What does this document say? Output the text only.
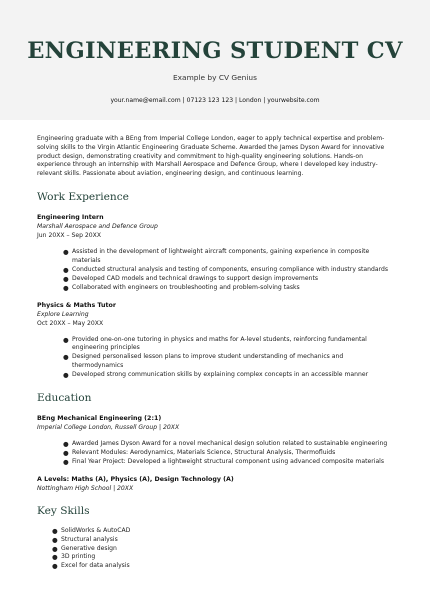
ENGINEERING STUDENT CV
Example by CV Genius
your.name@email.com | 07123 123 123 | London | yourwebsite.com

Engineering graduate with a BEng from Imperial College London, eager to apply technical expertise and problem-solving skills to the Virgin Atlantic Engineering Graduate Scheme. Awarded the James Dyson Award for innovative product design, demonstrating creativity and commitment to high-quality engineering solutions. Hands-on experience through an internship with Marshall Aerospace and Defence Group, where I developed key industry-relevant skills. Passionate about aviation, engineering design, and continuous learning.

Work Experience
Engineering Intern
Marshall Aerospace and Defence Group
Jun 20XX – Sep 20XX
● Assisted in the development of lightweight aircraft components, gaining experience in composite materials
● Conducted structural analysis and testing of components, ensuring compliance with industry standards
● Developed CAD models and technical drawings to support design improvements
● Collaborated with engineers on troubleshooting and problem-solving tasks
Physics & Maths Tutor
Explore Learning
Oct 20XX – May 20XX
● Provided one-on-one tutoring in physics and maths for A-level students, reinforcing fundamental engineering principles
● Designed personalised lesson plans to improve student understanding of mechanics and thermodynamics
● Developed strong communication skills by explaining complex concepts in an accessible manner
Education
BEng Mechanical Engineering (2:1)
Imperial College London, Russell Group | 20XX
● Awarded James Dyson Award for a novel mechanical design solution related to sustainable engineering
● Relevant Modules: Aerodynamics, Materials Science, Structural Analysis, Thermofluids
● Final Year Project: Developed a lightweight structural component using advanced composite materials
A Levels: Maths (A), Physics (A), Design Technology (A)
Nottingham High School | 20XX
Key Skills
● SolidWorks & AutoCAD
● Structural analysis
● Generative design
● 3D printing
● Excel for data analysis
